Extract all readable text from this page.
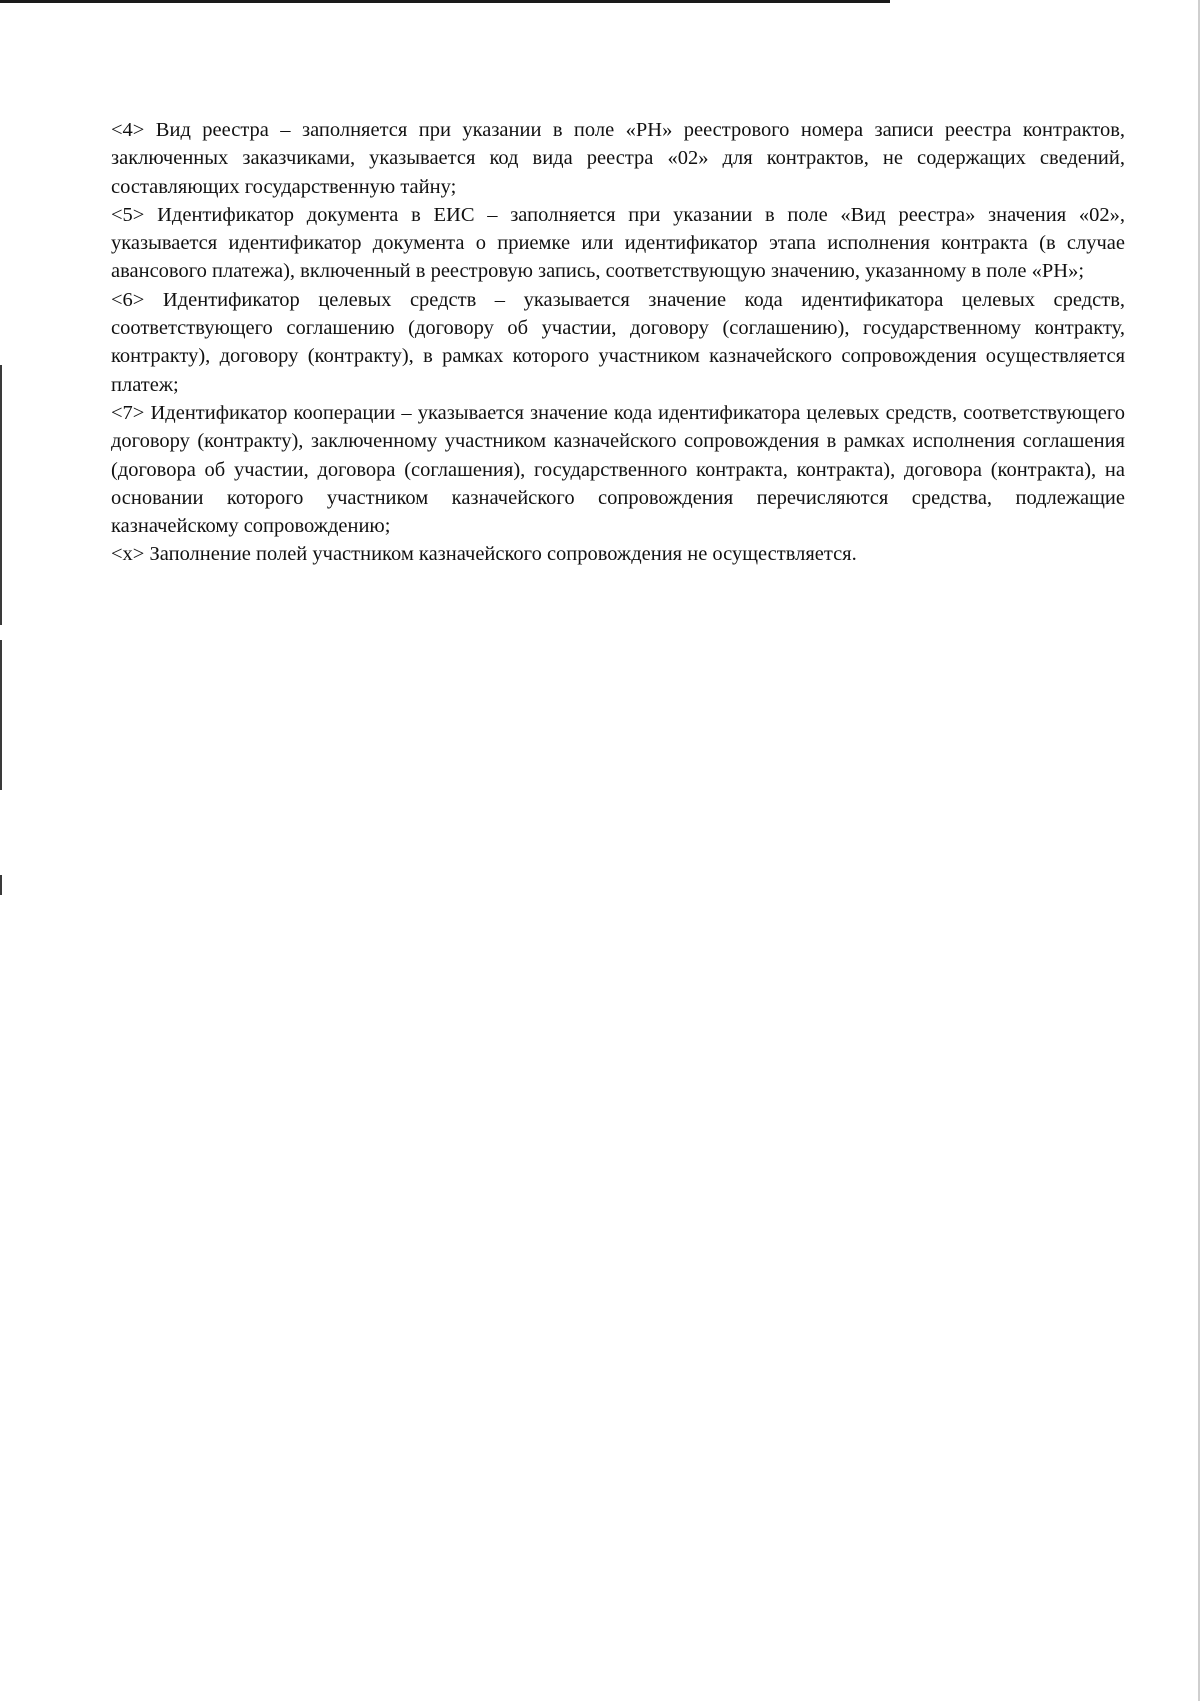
<4> Вид реестра – заполняется при указании в поле «РН» реестрового номера записи реестра контрактов, заключенных заказчиками, указывается код вида реестра «02» для контрактов, не содержащих сведений, составляющих государственную тайну;

<5> Идентификатор документа в ЕИС – заполняется при указании в поле «Вид реестра» значения «02», указывается идентификатор документа о приемке или идентификатор этапа исполнения контракта (в случае авансового платежа), включенный в реестровую запись, соответствующую значению, указанному в поле «РН»;

<6> Идентификатор целевых средств – указывается значение кода идентификатора целевых средств, соответствующего соглашению (договору об участии, договору (соглашению), государственному контракту, контракту), договору (контракту), в рамках которого участником казначейского сопровождения осуществляется платеж;

<7> Идентификатор кооперации – указывается значение кода идентификатора целевых средств, соответствующего договору (контракту), заключенному участником казначейского сопровождения в рамках исполнения соглашения (договора об участии, договора (соглашения), государственного контракта, контракта), договора (контракта), на основании которого участником казначейского сопровождения перечисляются средства, подлежащие казначейскому сопровождению;

<x> Заполнение полей участником казначейского сопровождения не осуществляется.
